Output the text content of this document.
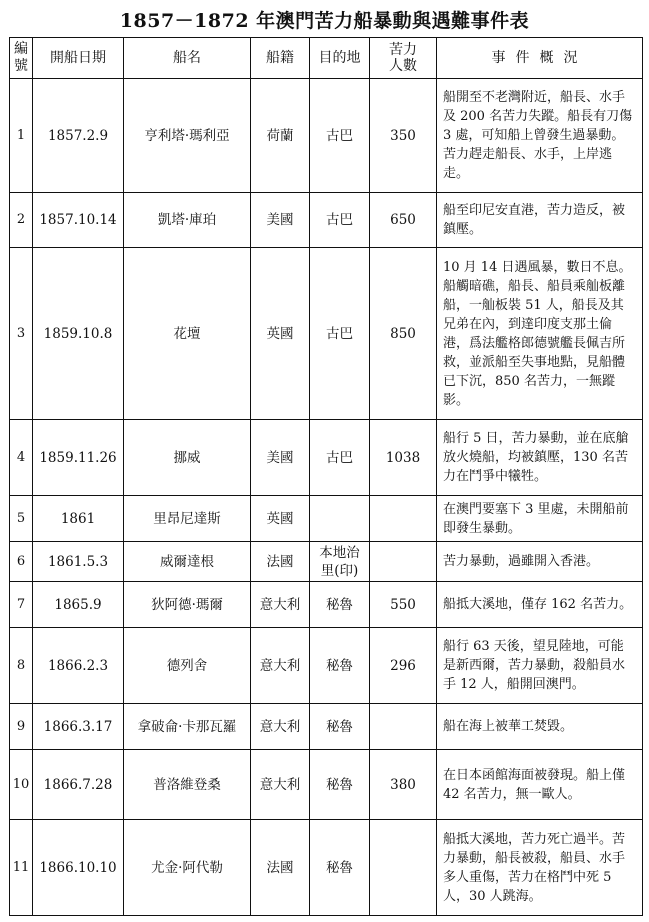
1857－1872 年澳門苦力船暴動與遇難事件表
編
號	開船日期	船名	船籍	目的地	苦力
人數	事件概況
1	1857.2.9	亨利塔·瑪利亞	荷蘭	古巴	350	船開至不老灣附近，船長、水手及 200 名苦力失蹤。船長有刀傷 3 處，可知船上曾發生過暴動。苦力趕走船長、水手，上岸逃走。
2	1857.10.14	凱塔·庫珀	美國	古巴	650	船至印尼安直港，苦力造反，被鎮壓。
3	1859.10.8	花壇	英國	古巴	850	10 月 14 日遇風暴，數日不息。船觸暗礁，船長、船員乘舢板離船，一舢板裝 51 人，船長及其兄弟在內，到達印度支那土倫港，爲法艦格郎德號艦長佩吉所救，並派船至失事地點，見船體已下沉，850 名苦力，一無蹤影。
4	1859.11.26	挪威	美國	古巴	1038	船行 5 日，苦力暴動，並在底艙放火燒船，均被鎮壓，130 名苦力在鬥爭中犧牲。
5	1861	里昂尼達斯	英國			在澳門要塞下 3 里處，未開船前即發生暴動。
6	1861.5.3	威爾達根	法國	本地治
里(印)		苦力暴動，過雖開入香港。
7	1865.9	狄阿德·瑪爾	意大利	秘魯	550	船抵大溪地，僅存 162 名苦力。
8	1866.2.3	德列舍	意大利	秘魯	296	船行 63 天後，望見陸地，可能是新西爾，苦力暴動，殺船員水手 12 人，船開回澳門。
9	1866.3.17	拿破侖·卡那瓦羅	意大利	秘魯		船在海上被華工焚毀。
10	1866.7.28	普洛維登桑	意大利	秘魯	380	在日本函館海面被發現。船上僅 42 名苦力，無一歐人。
11	1866.10.10	尤金·阿代勒	法國	秘魯		船抵大溪地，苦力死亡過半。苦力暴動，船長被殺，船員、水手多人重傷，苦力在格鬥中死 5 人，30 人跳海。
